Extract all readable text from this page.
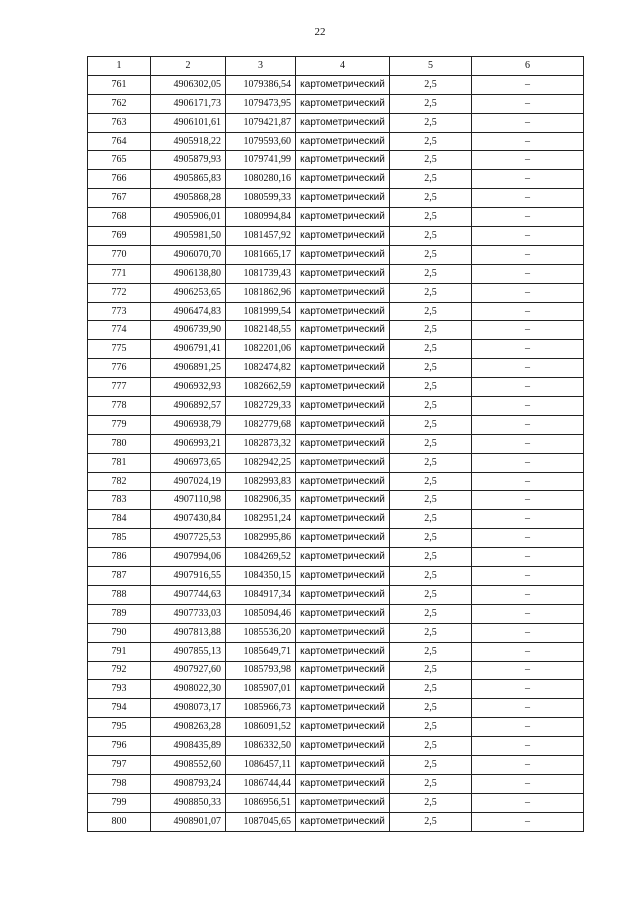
22
1	2	3	4	5	6
761	4906302,05	1079386,54	картометрический	2,5	–
762	4906171,73	1079473,95	картометрический	2,5	–
763	4906101,61	1079421,87	картометрический	2,5	–
764	4905918,22	1079593,60	картометрический	2,5	–
765	4905879,93	1079741,99	картометрический	2,5	–
766	4905865,83	1080280,16	картометрический	2,5	–
767	4905868,28	1080599,33	картометрический	2,5	–
768	4905906,01	1080994,84	картометрический	2,5	–
769	4905981,50	1081457,92	картометрический	2,5	–
770	4906070,70	1081665,17	картометрический	2,5	–
771	4906138,80	1081739,43	картометрический	2,5	–
772	4906253,65	1081862,96	картометрический	2,5	–
773	4906474,83	1081999,54	картометрический	2,5	–
774	4906739,90	1082148,55	картометрический	2,5	–
775	4906791,41	1082201,06	картометрический	2,5	–
776	4906891,25	1082474,82	картометрический	2,5	–
777	4906932,93	1082662,59	картометрический	2,5	–
778	4906892,57	1082729,33	картометрический	2,5	–
779	4906938,79	1082779,68	картометрический	2,5	–
780	4906993,21	1082873,32	картометрический	2,5	–
781	4906973,65	1082942,25	картометрический	2,5	–
782	4907024,19	1082993,83	картометрический	2,5	–
783	4907110,98	1082906,35	картометрический	2,5	–
784	4907430,84	1082951,24	картометрический	2,5	–
785	4907725,53	1082995,86	картометрический	2,5	–
786	4907994,06	1084269,52	картометрический	2,5	–
787	4907916,55	1084350,15	картометрический	2,5	–
788	4907744,63	1084917,34	картометрический	2,5	–
789	4907733,03	1085094,46	картометрический	2,5	–
790	4907813,88	1085536,20	картометрический	2,5	–
791	4907855,13	1085649,71	картометрический	2,5	–
792	4907927,60	1085793,98	картометрический	2,5	–
793	4908022,30	1085907,01	картометрический	2,5	–
794	4908073,17	1085966,73	картометрический	2,5	–
795	4908263,28	1086091,52	картометрический	2,5	–
796	4908435,89	1086332,50	картометрический	2,5	–
797	4908552,60	1086457,11	картометрический	2,5	–
798	4908793,24	1086744,44	картометрический	2,5	–
799	4908850,33	1086956,51	картометрический	2,5	–
800	4908901,07	1087045,65	картометрический	2,5	–
